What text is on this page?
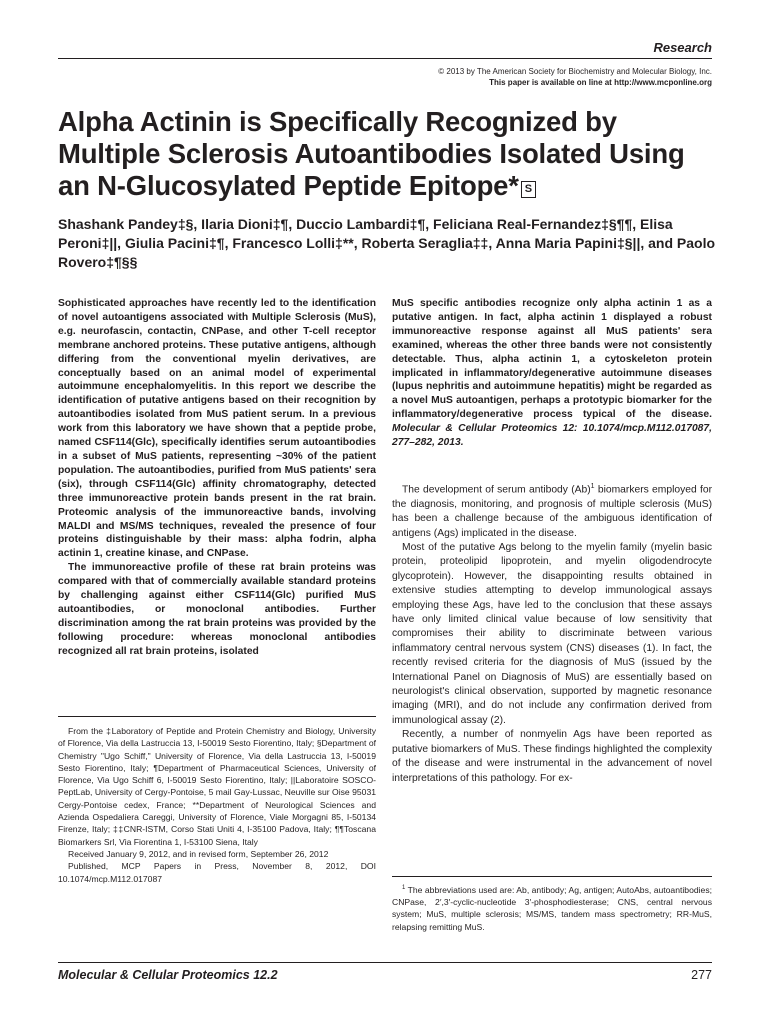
Research
© 2013 by The American Society for Biochemistry and Molecular Biology, Inc.
This paper is available on line at http://www.mcponline.org
Alpha Actinin is Specifically Recognized by Multiple Sclerosis Autoantibodies Isolated Using an N-Glucosylated Peptide Epitope* S
Shashank Pandey‡§, Ilaria Dioni‡¶, Duccio Lambardi‡¶, Feliciana Real-Fernandez‡§¶¶, Elisa Peroni‡||, Giulia Pacini‡¶, Francesco Lolli‡**, Roberta Seraglia‡‡, Anna Maria Papini‡§||, and Paolo Rovero‡¶§§

Sophisticated approaches have recently led to the identification of novel autoantigens associated with Multiple Sclerosis (MuS), e.g. neurofascin, contactin, CNPase, and other T-cell receptor membrane anchored proteins. These putative antigens, although differing from the conventional myelin derivatives, are conceptually based on an animal model of experimental autoimmune encephalomyelitis. In this report we describe the identification of putative antigens based on their recognition by autoantibodies isolated from MuS patient serum. In a previous work from this laboratory we have shown that a peptide probe, named CSF114(Glc), specifically identifies serum autoantibodies in a subset of MuS patients, representing ~30% of the patient population. The autoantibodies, purified from MuS patients' sera (six), through CSF114(Glc) affinity chromatography, detected three immunoreactive protein bands present in the rat brain. Proteomic analysis of the immunoreactive bands, involving MALDI and MS/MS techniques, revealed the presence of four proteins distinguishable by their mass: alpha fodrin, alpha actinin 1, creatine kinase, and CNPase.

The immunoreactive profile of these rat brain proteins was compared with that of commercially available standard proteins by challenging against either CSF114(Glc) purified MuS autoantibodies, or monoclonal antibodies. Further discrimination among the rat brain proteins was provided by the following procedure: whereas monoclonal antibodies recognized all rat brain proteins, isolated

MuS specific antibodies recognize only alpha actinin 1 as a putative antigen. In fact, alpha actinin 1 displayed a robust immunoreactive response against all MuS patients' sera examined, whereas the other three bands were not consistently detectable. Thus, alpha actinin 1, a cytoskeleton protein implicated in inflammatory/degenerative autoimmune diseases (lupus nephritis and autoimmune hepatitis) might be regarded as a novel MuS autoantigen, perhaps a prototypic biomarker for the inflammatory/degenerative process typical of the disease. Molecular & Cellular Proteomics 12: 10.1074/mcp.M112.017087, 277–282, 2013.

The development of serum antibody $(Ab)^1$ biomarkers employed for the diagnosis, monitoring, and prognosis of multiple sclerosis (MuS) has been a challenge because of the ambiguous identification of antigens (Ags) implicated in the disease.

Most of the putative Ags belong to the myelin family (myelin basic protein, proteolipid lipoprotein, and myelin oligodendrocyte glycoprotein). However, the disappointing results obtained in extensive studies attempting to develop immunological assays employing these Ags, have led to the conclusion that these assays have only limited clinical value because of low sensitivity that compromises their ability to discriminate between various inflammatory central nervous system (CNS) diseases (1). In fact, the recently revised criteria for the diagnosis of MuS (issued by the International Panel on Diagnosis of MuS) are essentially based on neurologist's clinical observation, supported by magnetic resonance imaging (MRI), and do not include any confirmation derived from immunological assay (2).

Recently, a number of nonmyelin Ags have been reported as putative biomarkers of MuS. These findings highlighted the complexity of the disease and were instrumental in the advancement of novel interpretations of this pathology. For ex-

From the ‡Laboratory of Peptide and Protein Chemistry and Biology, University of Florence, Via della Lastruccia 13, I-50019 Sesto Fiorentino, Italy; §Department of Chemistry "Ugo Schiff," University of Florence, Via della Lastruccia 13, I-50019 Sesto Fiorentino, Italy; ¶Department of Pharmaceutical Sciences, University of Florence, Via Ugo Schiff 6, I-50019 Sesto Fiorentino, Italy; ||Laboratoire SOSCO-PeptLab, University of Cergy-Pontoise, 5 mail Gay-Lussac, Neuville sur Oise 95031 Cergy-Pontoise cedex, France; **Department of Neurological Sciences and Azienda Ospedaliera Careggi, University of Florence, Viale Morgagni 85, I-50134 Firenze, Italy; ‡‡CNR-ISTM, Corso Stati Uniti 4, I-35100 Padova, Italy; ¶¶Toscana Biomarkers Srl, Via Fiorentina 1, I-53100 Siena, Italy

Received January 9, 2012, and in revised form, September 26, 2012

Published, MCP Papers in Press, November 8, 2012, DOI 10.1074/mcp.M112.017087

$^1$ The abbreviations used are: Ab, antibody; Ag, antigen; AutoAbs, autoantibodies; CNPase, 2′,3′-cyclic-nucleotide 3′-phosphodiesterase; CNS, central nervous system; MuS, multiple sclerosis; MS/MS, tandem mass spectrometry; RR-MuS, relapsing remitting MuS.
Molecular & Cellular Proteomics 12.2	277
